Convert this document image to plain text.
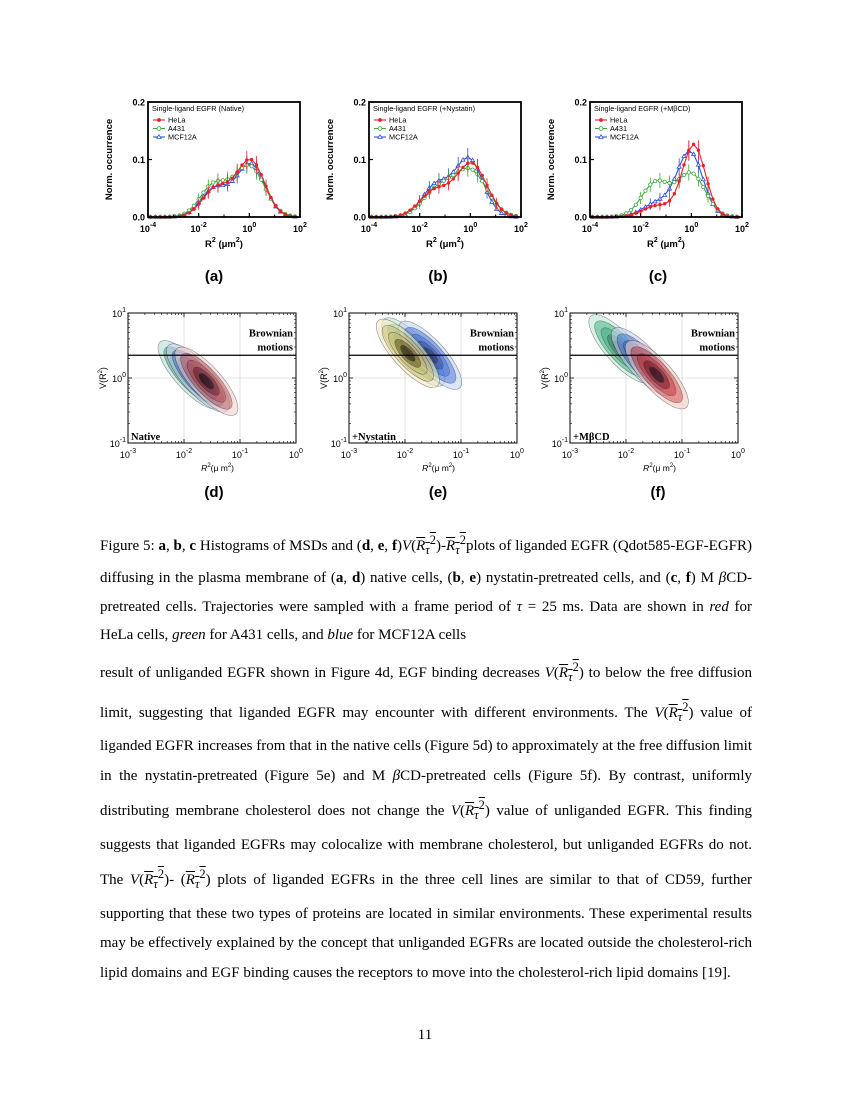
0.0
0.1
0.2
$10^{-4}$	$10^{-2}$	$10^0$	$10^2$
Norm. occurrence
$R^2$ $(\mu m^2)$
Single-ligand EGFR (Native)
HeLa
A431
MCF12A
0.0
0.1
0.2
$10^{-4}$	$10^{-2}$	$10^0$	$10^2$
Norm. occurrence
$R^2$ $(\mu m^2)$
Single-ligand EGFR (+Nystatin)
HeLa
A431
MCF12A
0.0
0.1
0.2
$10^{-4}$	$10^{-2}$	$10^0$	$10^2$
Norm. occurrence
$R^2$ $(\mu m^2)$
Single-ligand EGFR (+MβCD)
HeLa
A431
MCF12A
(a)	(b)	(c)
Brownian
motions
Native
$10^{-3}$	$10^{-2}$	$10^{-1}$	$10^0$
$10^{-1}$
$10^0$
$10^1$
$V(R^2)$
$R^2(\mu$ $m^2$)
Brownian
motions
+Nystatin
$10^{-3}$	$10^{-2}$	$10^{-1}$	$10^0$
$10^{-1}$
$10^0$
$10^1$
$V(R^2)$
$R^2(\mu$ $m^2$)
Brownian
motions
+MβCD
$10^{-3}$	$10^{-2}$	$10^{-1}$	$10^0$
$10^{-1}$
$10^0$
$10^1$
$V(R^2)$
$R^2(\mu$ $m^2$)
(d)	(e)	(f)
Figure 5: a, b, c Histograms of MSDs and (d, e, $f)V(R_\tau^2)-R_\tau^2plots$ of liganded EGFR (Qdot585-EGF-EGFR) diffusing in the plasma membrane of (a, d) native cells, (b, e) nystatin-pretreated cells, and (c, f) M βCD-pretreated cells. Trajectories were sampled with a frame period of τ = 25 ms. Data are shown in red for HeLa cells, green for A431 cells, and blue for MCF12A cells
result of unliganded EGFR shown in Figure 4d, EGF binding decreases $V(R_\tau^2)$ to below the free diffusion limit, suggesting that liganded EGFR may encounter with different environments. The $V(R_\tau^2)$ value of liganded EGFR increases from that in the native cells (Figure 5d) to approximately at the free diffusion limit in the nystatin-pretreated (Figure 5e) and M βCD-pretreated cells (Figure 5f). By contrast, uniformly distributing membrane cholesterol does not change the $V(R_\tau^2)$ value of unliganded EGFR. This finding suggests that liganded EGFRs may colocalize with membrane cholesterol, but unliganded EGFRs do not. The $V(R_\tau^2)-$ $(R_\tau^2)$ plots of liganded EGFRs in the three cell lines are similar to that of CD59, further supporting that these two types of proteins are located in similar environments. These experimental results may be effectively explained by the concept that unliganded EGFRs are located outside the cholesterol-rich lipid domains and EGF binding causes the receptors to move into the cholesterol-rich lipid domains [19].
11
